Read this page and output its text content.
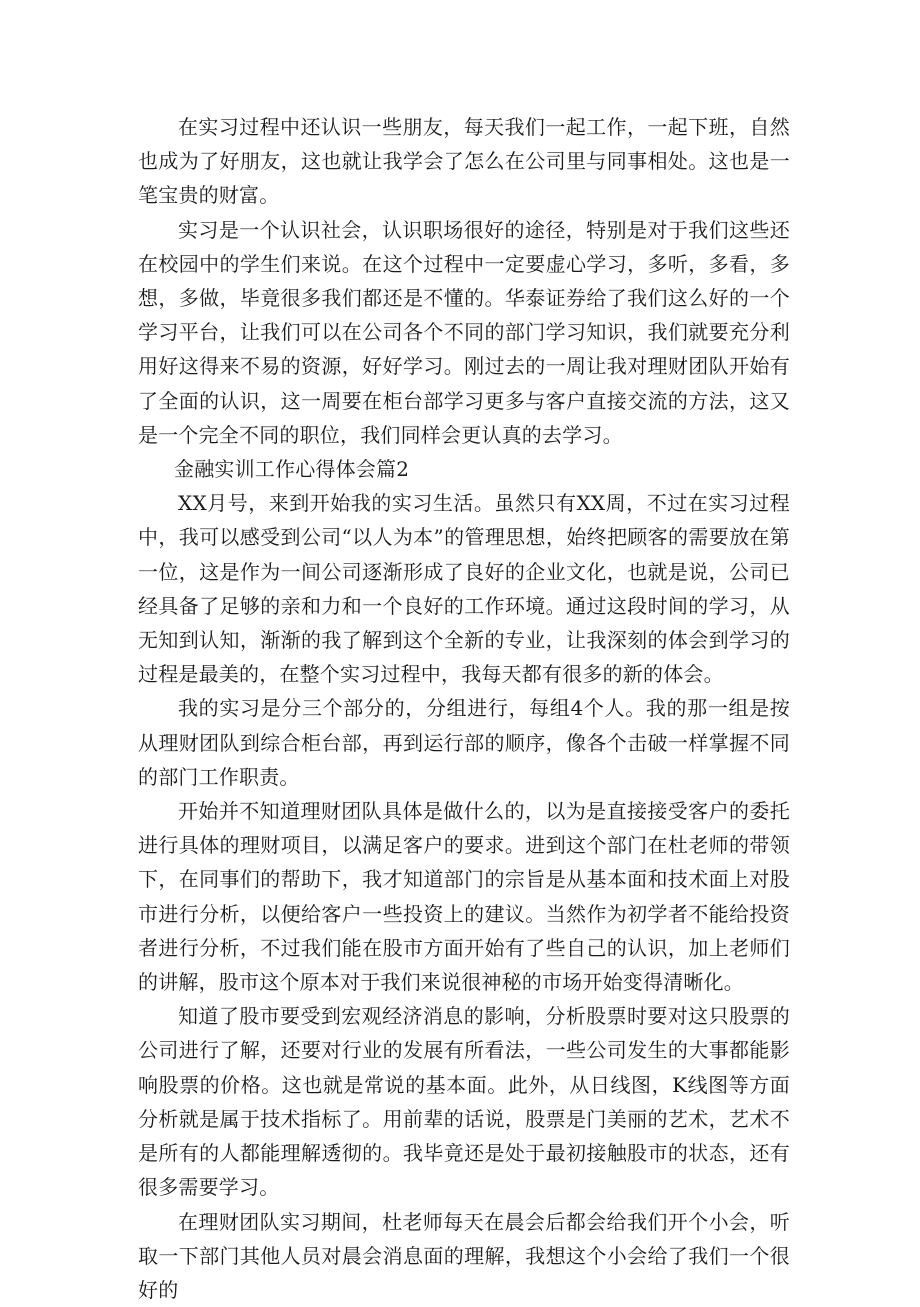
在实习过程中还认识一些朋友，每天我们一起工作，一起下班，自然也成为了好朋友，这也就让我学会了怎么在公司里与同事相处。这也是一笔宝贵的财富。

实习是一个认识社会，认识职场很好的途径，特别是对于我们这些还在校园中的学生们来说。在这个过程中一定要虚心学习，多听，多看，多想，多做，毕竟很多我们都还是不懂的。华泰证券给了我们这么好的一个学习平台，让我们可以在公司各个不同的部门学习知识，我们就要充分利用好这得来不易的资源，好好学习。刚过去的一周让我对理财团队开始有了全面的认识，这一周要在柜台部学习更多与客户直接交流的方法，这又是一个完全不同的职位，我们同样会更认真的去学习。

金融实训工作心得体会篇2

XX月号，来到开始我的实习生活。虽然只有XX周，不过在实习过程中，我可以感受到公司“以人为本”的管理思想，始终把顾客的需要放在第一位，这是作为一间公司逐渐形成了良好的企业文化，也就是说，公司已经具备了足够的亲和力和一个良好的工作环境。通过这段时间的学习，从无知到认知，渐渐的我了解到这个全新的专业，让我深刻的体会到学习的过程是最美的，在整个实习过程中，我每天都有很多的新的体会。

我的实习是分三个部分的，分组进行，每组4个人。我的那一组是按从理财团队到综合柜台部，再到运行部的顺序，像各个击破一样掌握不同的部门工作职责。

开始并不知道理财团队具体是做什么的，以为是直接接受客户的委托进行具体的理财项目，以满足客户的要求。进到这个部门在杜老师的带领下，在同事们的帮助下，我才知道部门的宗旨是从基本面和技术面上对股市进行分析，以便给客户一些投资上的建议。当然作为初学者不能给投资者进行分析，不过我们能在股市方面开始有了些自己的认识，加上老师们的讲解，股市这个原本对于我们来说很神秘的市场开始变得清晰化。

知道了股市要受到宏观经济消息的影响，分析股票时要对这只股票的公司进行了解，还要对行业的发展有所看法，一些公司发生的大事都能影响股票的价格。这也就是常说的基本面。此外，从日线图，K线图等方面分析就是属于技术指标了。用前辈的话说，股票是门美丽的艺术，艺术不是所有的人都能理解透彻的。我毕竟还是处于最初接触股市的状态，还有很多需要学习。

在理财团队实习期间，杜老师每天在晨会后都会给我们开个小会，听取一下部门其他人员对晨会消息面的理解，我想这个小会给了我们一个很好的
